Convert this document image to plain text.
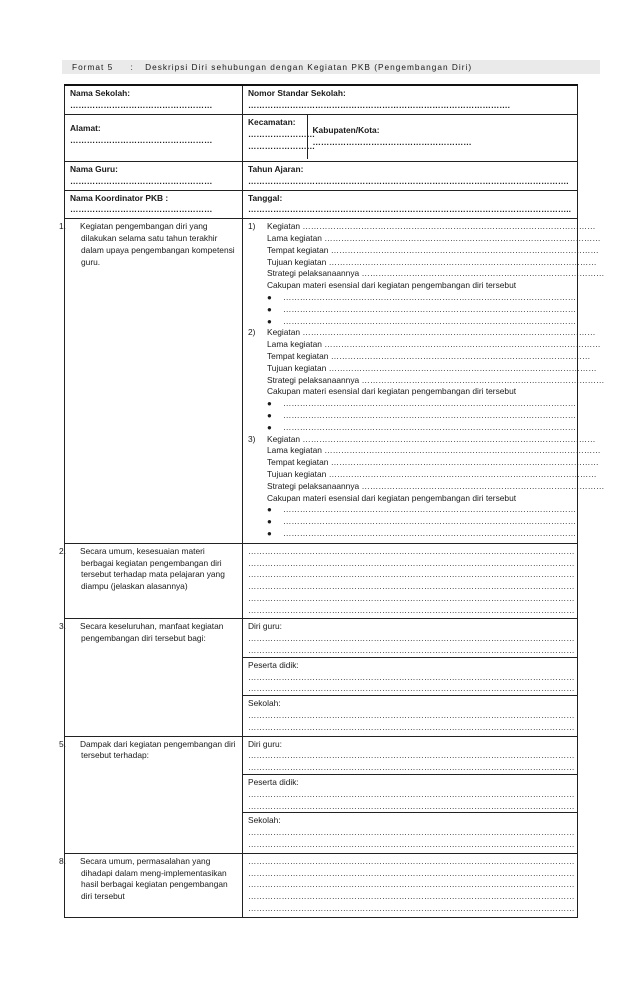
Format 5 : Deskripsi Diri sehubungan dengan Kegiatan PKB (Pengembangan Diri)
Nama Sekolah:
……………………………………………

Nomor Standar Sekolah:
………………………………………………………………………………….

Alamat:
……………………………………………

Kecamatan:
……………………
……………………

Kabupaten/Kota:
…………………………………………………

Nama Guru:
……………………………………………

Tahun Ajaran:
…………………………………………………………………………………………………….

Nama Koordinator PKB :
……………………………………………

Tanggal:
……………………………………………………………………………………………………..

1. Kegiatan pengembangan diri yang dilakukan selama satu tahun terakhir dalam upaya pengembangan kompetensi guru.

1) Kegiatan ……………………………………………………………………………………………
Lama kegiatan ………………………………………………………………………………………
Tempat kegiatan ……………………………………………………………………………………
Tujuan kegiatan ……………………………………………………………………………………
Strategi pelaksanaannya ……………………………………………………………………………
Cakupan materi esensial dari kegiatan pengembangan diri tersebut
● ……………………………………………………………………………………………
● ……………………………………………………………………………………………
● ……………………………………………………………………………………………
2) Kegiatan ……………………………………………………………………………………………
Lama kegiatan ………………………………………………………………………………………
Tempat kegiatan …………………………………………………………………………………
Tujuan kegiatan ……………………………………………………………………………………
Strategi pelaksanaannya ……………………………………………………………………………
Cakupan materi esensial dari kegiatan pengembangan diri tersebut
● ……………………………………………………………………………………………
● ……………………………………………………………………………………………
● ……………………………………………………………………………………………
3) Kegiatan ……………………………………………………………………………………………
Lama kegiatan ………………………………………………………………………………………
Tempat kegiatan ……………………………………………………………………………………
Tujuan kegiatan ……………………………………………………………………………………
Strategi pelaksanaannya ……………………………………………………………………………
Cakupan materi esensial dari kegiatan pengembangan diri tersebut
● ……………………………………………………………………………………………
● ……………………………………………………………………………………………
● ……………………………………………………………………………………………

2. Secara umum, kesesuaian materi berbagai kegiatan pengembangan diri tersebut terhadap mata pelajaran yang diampu (jelaskan alasannya)

………………………………………………………………………………………………………
………………………………………………………………………………………………………
………………………………………………………………………………………………………
………………………………………………………………………………………………………
………………………………………………………………………………………………………
………………………………………………………………………………………………………

3. Secara keseluruhan, manfaat kegiatan pengembangan diri tersebut bagi:

Diri guru:
………………………………………………………………………………………………………
………………………………………………………………………………………………………
Peserta didik:
………………………………………………………………………………………………………
………………………………………………………………………………………………………
Sekolah:
………………………………………………………………………………………………………
………………………………………………………………………………………………………

5. Dampak dari kegiatan pengembangan diri tersebut terhadap:

Diri guru:
………………………………………………………………………………………………………
………………………………………………………………………………………………………
Peserta didik:
………………………………………………………………………………………………………
………………………………………………………………………………………………………
Sekolah:
………………………………………………………………………………………………………
………………………………………………………………………………………………………

8. Secara umum, permasalahan yang dihadapi dalam meng-implementasikan hasil berbagai kegiatan pengembangan diri tersebut

………………………………………………………………………………………………………
………………………………………………………………………………………………………
………………………………………………………………………………………………………
………………………………………………………………………………………………………
………………………………………………………………………………………………………
